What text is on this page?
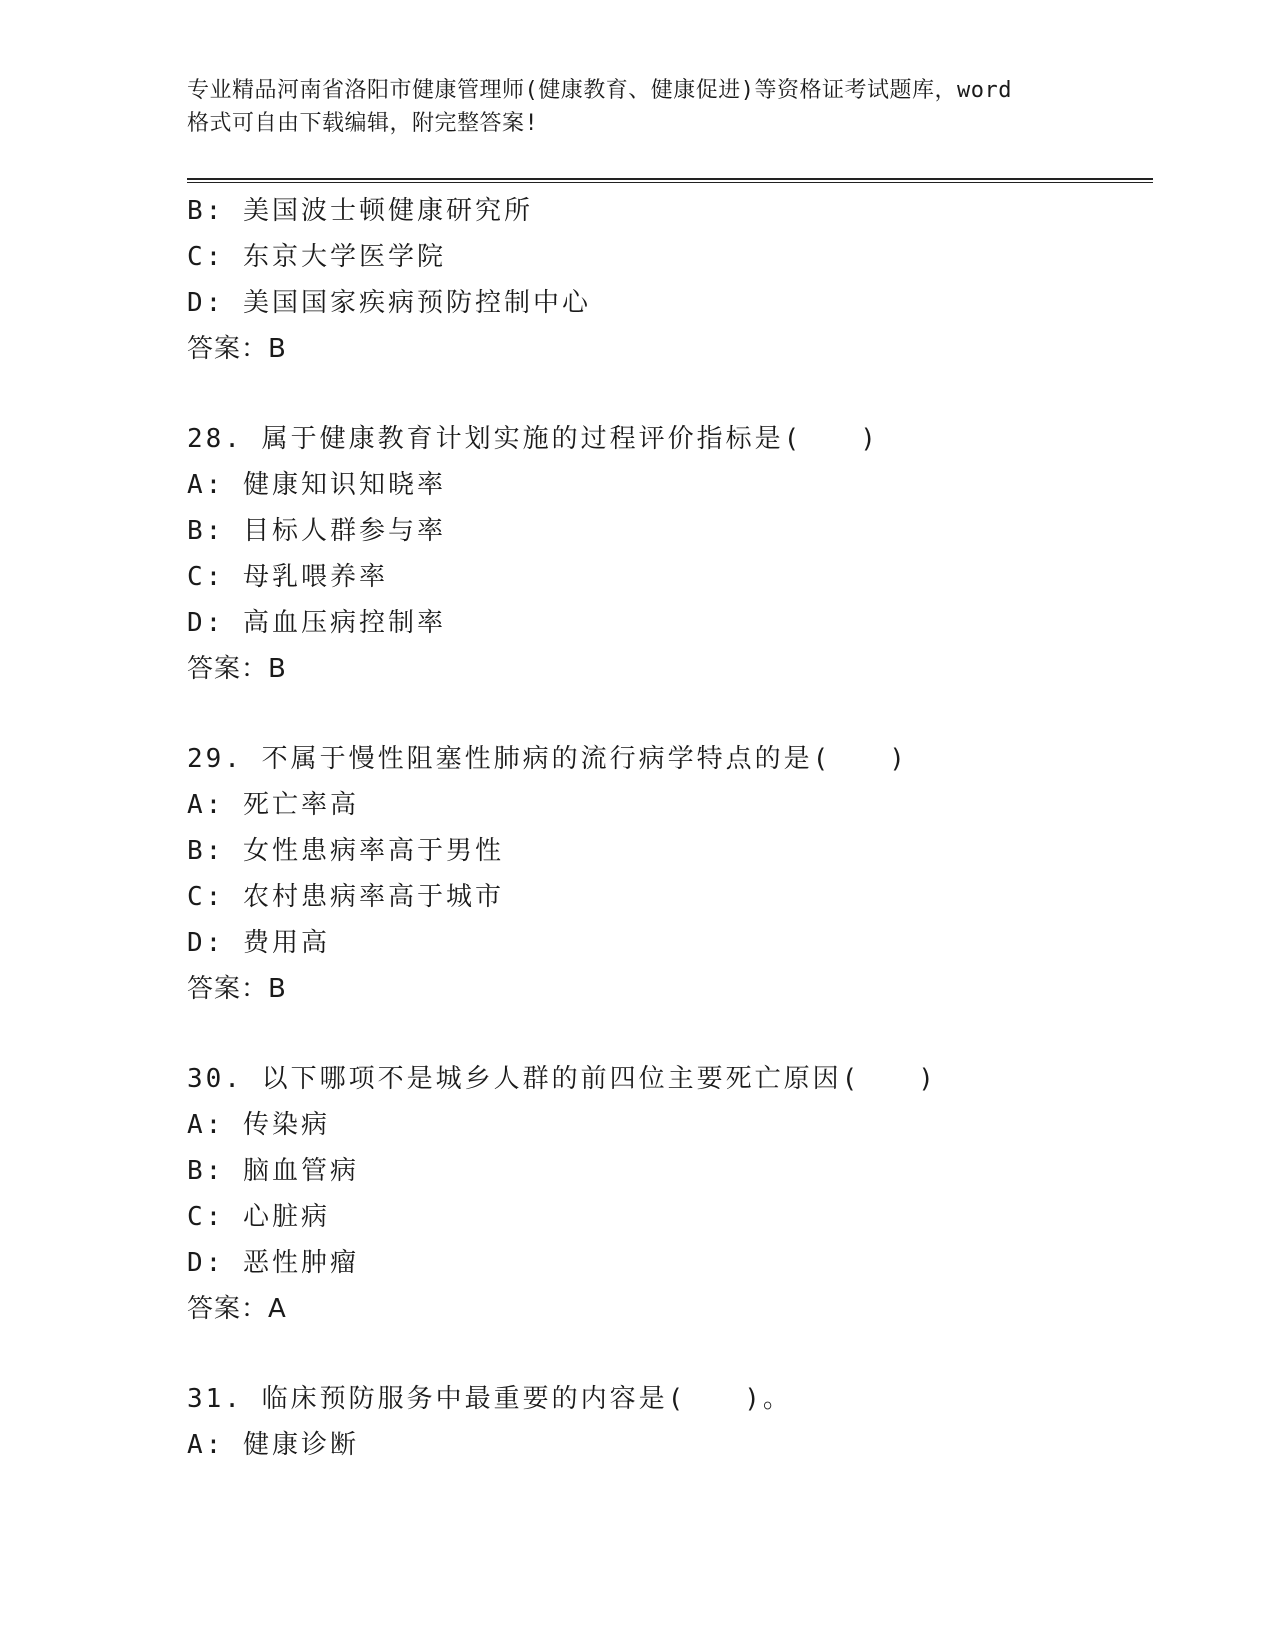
专业精品河南省洛阳市健康管理师(健康教育、健康促进)等资格证考试题库，word
格式可自由下载编辑，附完整答案!
B: 美国波士顿健康研究所
C: 东京大学医学院
D: 美国国家疾病预防控制中心
答案：B
28. 属于健康教育计划实施的过程评价指标是(　　)
A: 健康知识知晓率
B: 目标人群参与率
C: 母乳喂养率
D: 高血压病控制率
答案：B
29. 不属于慢性阻塞性肺病的流行病学特点的是(　　)
A: 死亡率高
B: 女性患病率高于男性
C: 农村患病率高于城市
D: 费用高
答案：B
30. 以下哪项不是城乡人群的前四位主要死亡原因(　　)
A: 传染病
B: 脑血管病
C: 心脏病
D: 恶性肿瘤
答案：A
31. 临床预防服务中最重要的内容是(　　)。
A: 健康诊断
